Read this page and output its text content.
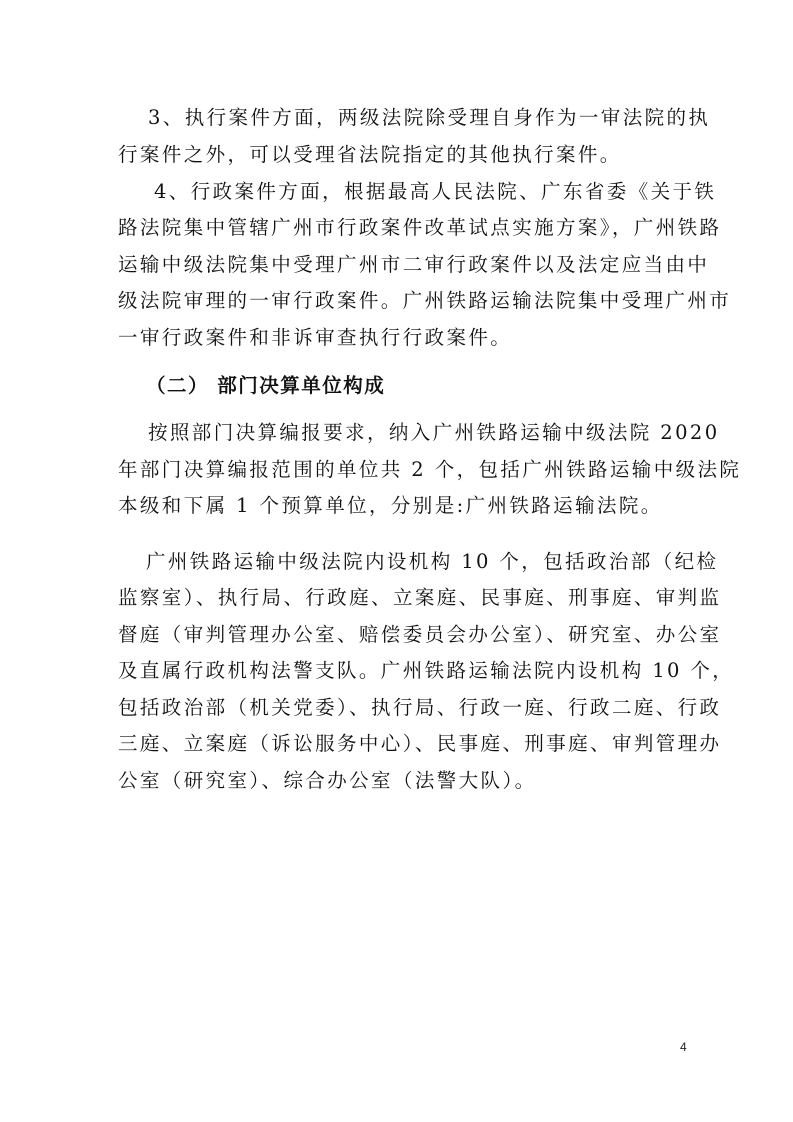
3、执行案件方面，两级法院除受理自身作为一审法院的执
行案件之外，可以受理省法院指定的其他执行案件。
4、行政案件方面，根据最高人民法院、广东省委《关于铁
路法院集中管辖广州市行政案件改革试点实施方案》，广州铁路
运输中级法院集中受理广州市二审行政案件以及法定应当由中
级法院审理的一审行政案件。广州铁路运输法院集中受理广州市
一审行政案件和非诉审查执行行政案件。
（二） 部门决算单位构成
按照部门决算编报要求，纳入广州铁路运输中级法院 2020
年部门决算编报范围的单位共 2 个，包括广州铁路运输中级法院
本级和下属 1 个预算单位，分别是:广州铁路运输法院。
广州铁路运输中级法院内设机构 10 个，包括政治部（纪检
监察室）、执行局、行政庭、立案庭、民事庭、刑事庭、审判监
督庭（审判管理办公室、赔偿委员会办公室）、研究室、办公室
及直属行政机构法警支队。广州铁路运输法院内设机构 10 个，
包括政治部（机关党委）、执行局、行政一庭、行政二庭、行政
三庭、立案庭（诉讼服务中心）、民事庭、刑事庭、审判管理办
公室（研究室）、综合办公室（法警大队）。
4
